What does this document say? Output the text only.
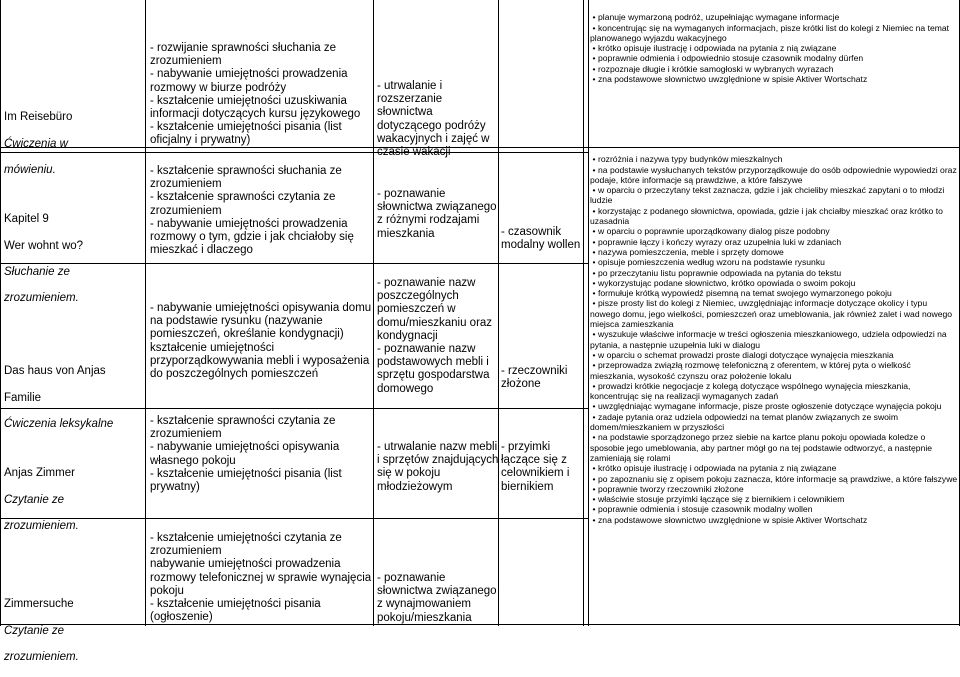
Im Reisebüro

Ćwiczenia w

mówieniu.

- rozwijanie sprawności słuchania ze zrozumieniem
- nabywanie umiejętności prowadzenia rozmowy w biurze podróży
- kształcenie umiejętności uzuskiwania informacji dotyczących kursu językowego
- kształcenie umiejętności pisania (list oficjalny i prywatny)
- utrwalanie i rozszerzanie słownictwa dotyczącego podróży wakacyjnych i zajęć w czasie wakacji

Kapitel 9

Wer wohnt wo?

Słuchanie ze

zrozumieniem.

- kształcenie sprawności słuchania ze zrozumieniem
- kształcenie sprawności czytania ze zrozumieniem
- nabywanie umiejętności prowadzenia rozmowy o tym, gdzie i jak chciałoby się mieszkać i dlaczego
- poznawanie słownictwa związanego z różnymi rodzajami mieszkania	- czasownik modalny wollen

Das haus von Anjas

Familie

Ćwiczenia leksykalne

- nabywanie umiejętności opisywania domu na podstawie rysunku (nazywanie pomieszczeń, określanie kondygnacji) kształcenie umiejętności przyporządkowywania mebli i wyposażenia do poszczególnych pomieszczeń
- poznawanie nazw poszczególnych pomieszczeń w domu/mieszkaniu oraz kondygnacji
- poznawanie nazw podstawowych mebli i sprzętu gospodarstwa domowego
- rzeczowniki złożone

Anjas Zimmer

Czytanie ze

zrozumieniem.

- kształcenie sprawności czytania ze zrozumieniem
- nabywanie umiejętności opisywania własnego pokoju
- kształcenie umiejętności pisania (list prywatny)
- utrwalanie nazw mebli i sprzętów znajdujących się w pokoju młodzieżowym
- przyimki łączące się z celownikiem i biernikiem

Zimmersuche

Czytanie ze

zrozumieniem.

- kształcenie umiejętności czytania ze zrozumieniem
nabywanie umiejętności prowadzenia rozmowy telefonicznej w sprawie wynajęcia pokoju
- kształcenie umiejętności pisania (ogłoszenie)
- poznawanie słownictwa związanego z wynajmowaniem pokoju/mieszkania

• planuje wymarzoną podróż, uzupełniając wymagane informacje
• koncentrując się na wymaganych informacjach, pisze krótki list do kolegi z Niemiec na temat planowanego wyjazdu wakacyjnego
• krótko opisuje ilustrację i odpowiada na pytania z nią związane
• poprawnie odmienia i odpowiednio stosuje czasownik modalny dürfen
• rozpoznaje długie i krótkie samogłoski w wybranych wyrazach
• zna podstawowe słownictwo uwzględnione w spisie Aktiver Wortschatz

• rozróżnia i nazywa typy budynków mieszkalnych
• na podstawie wysłuchanych tekstów przyporządkowuje do osób odpowiednie wypowiedzi oraz podaje, które informacje są prawdziwe, a które fałszywe
• w oparciu o przeczytany tekst zaznacza, gdzie i jak chcieliby mieszkać zapytani o to młodzi ludzie
• korzystając z podanego słownictwa, opowiada, gdzie i jak chciałby mieszkać oraz krótko to uzasadnia
• w oparciu o poprawnie uporządkowany dialog pisze podobny
• poprawnie łączy i kończy wyrazy oraz uzupełnia luki w zdaniach
• nazywa pomieszczenia, meble i sprzęty domowe
• opisuje pomieszczenia według wzoru na podstawie rysunku
• po przeczytaniu listu poprawnie odpowiada na pytania do tekstu
• wykorzystując podane słownictwo, krótko opowiada o swoim pokoju
• formułuje krótką wypowiedź pisemną na temat swojego wymarzonego pokoju
• pisze prosty list do kolegi z Niemiec, uwzględniając informacje dotyczące okolicy i typu nowego domu, jego wielkości, pomieszczeń oraz umeblowania, jak również zalet i wad nowego miejsca zamieszkania
• wyszukuje właściwe informacje w treści ogłoszenia mieszkaniowego, udziela odpowiedzi na pytania, a następnie uzupełnia luki w dialogu
• w oparciu o schemat prowadzi proste dialogi dotyczące wynajęcia mieszkania
• przeprowadza związłą rozmowę telefoniczną z oferentem, w której pyta o wielkość mieszkania, wysokość czynszu oraz położenie lokalu
• prowadzi krótkie negocjacje z kolegą dotyczące wspólnego wynajęcia mieszkania, koncentrując się na realizacji wymaganych zadań
• uwzględniając wymagane informacje, pisze proste ogłoszenie dotyczące wynajęcia pokoju
• zadaje pytania oraz udziela odpowiedzi na temat planów związanych ze swoim domem/mieszkaniem w przyszłości
• na podstawie sporządzonego przez siebie na kartce planu pokoju opowiada koledze o sposobie jego umeblowania, aby partner mógł go na tej podstawie odtworzyć, a następnie zamieniają się rolami
• krótko opisuje ilustrację i odpowiada na pytania z nią związane
• po zapoznaniu się z opisem pokoju zaznacza, które informacje są prawdziwe, a które fałszywe
• poprawnie tworzy rzeczowniki złożone
• właściwie stosuje przyimki łączące się z biernikiem i celownikiem
• poprawnie odmienia i stosuje czasownik modalny wollen
• zna podstawowe słownictwo uwzględnione w spisie Aktiver Wortschatz
